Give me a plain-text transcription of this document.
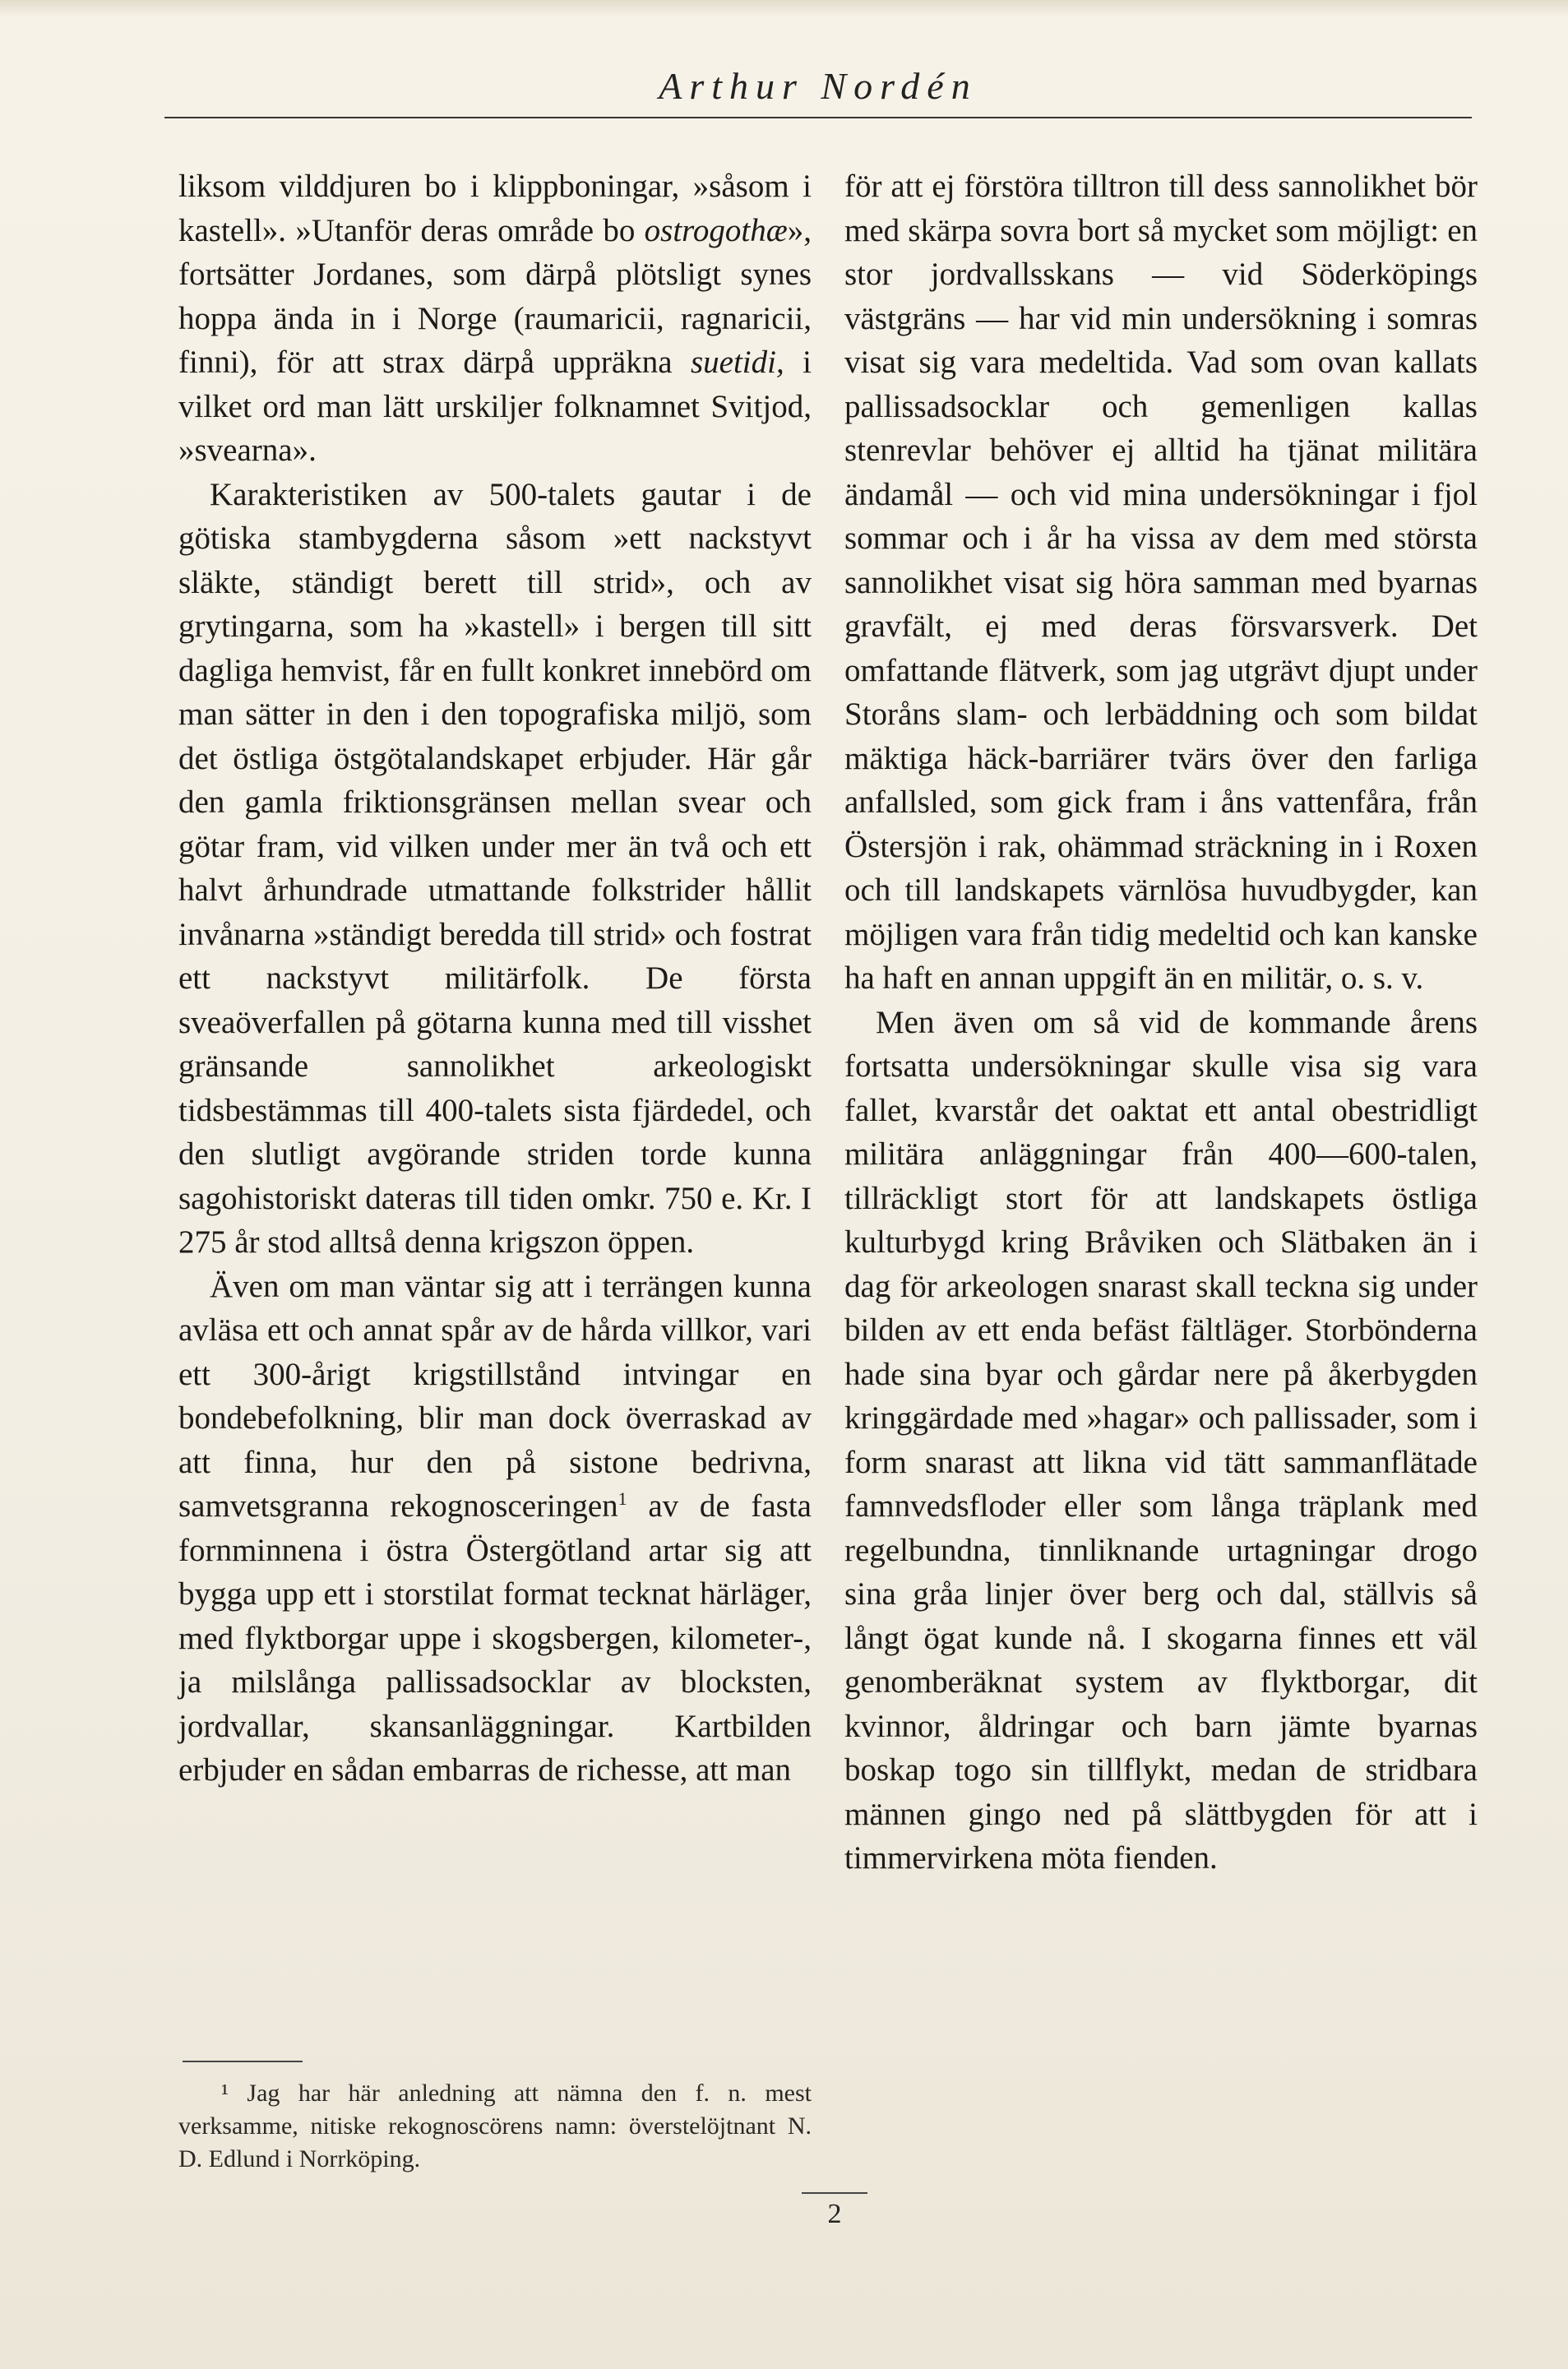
Arthur Nordén

liksom vilddjuren bo i klippboningar, »såsom i kastell». »Utanför deras område bo ostrogothæ», fortsätter Jordanes, som därpå plötsligt synes hoppa ända in i Norge (raumaricii, ragnaricii, finni), för att strax därpå uppräkna suetidi, i vilket ord man lätt urskiljer folknamnet Svitjod, »svearna».

Karakteristiken av 500-talets gautar i de götiska stambygderna såsom »ett nackstyvt släkte, ständigt berett till strid», och av grytingarna, som ha »kastell» i bergen till sitt dagliga hemvist, får en fullt konkret innebörd om man sätter in den i den topografiska miljö, som det östliga östgötalandskapet erbjuder. Här går den gamla friktionsgränsen mellan svear och götar fram, vid vilken under mer än två och ett halvt århundrade utmattande folkstrider hållit invånarna »ständigt beredda till strid» och fostrat ett nackstyvt militärfolk. De första sveaöverfallen på götarna kunna med till visshet gränsande sannolikhet arkeologiskt tidsbestämmas till 400-talets sista fjärdedel, och den slutligt avgörande striden torde kunna sagohistoriskt dateras till tiden omkr. 750 e. Kr. I 275 år stod alltså denna krigszon öppen.

Även om man väntar sig att i terrängen kunna avläsa ett och annat spår av de hårda villkor, vari ett 300-årigt krigstillstånd intvingar en bondebefolkning, blir man dock överraskad av att finna, hur den på sistone bedrivna, samvetsgranna rekognosceringen$^1$ av de fasta fornminnena i östra Östergötland artar sig att bygga upp ett i storstilat format tecknat härläger, med flyktborgar uppe i skogsbergen, kilometer-, ja milslånga pallissadsocklar av blocksten, jordvallar, skansanläggningar. Kartbilden erbjuder en sådan embarras de richesse, att man

för att ej förstöra tilltron till dess sannolikhet bör med skärpa sovra bort så mycket som möjligt: en stor jordvallsskans — vid Söderköpings västgräns — har vid min undersökning i somras visat sig vara medeltida. Vad som ovan kallats pallissadsocklar och gemenligen kallas stenrevlar behöver ej alltid ha tjänat militära ändamål — och vid mina undersökningar i fjol sommar och i år ha vissa av dem med största sannolikhet visat sig höra samman med byarnas gravfält, ej med deras försvarsverk. Det omfattande flätverk, som jag utgrävt djupt under Storåns slam- och lerbäddning och som bildat mäktiga häck-barriärer tvärs över den farliga anfallsled, som gick fram i åns vattenfåra, från Östersjön i rak, ohämmad sträckning in i Roxen och till landskapets värnlösa huvudbygder, kan möjligen vara från tidig medeltid och kan kanske ha haft en annan uppgift än en militär, o. s. v.

Men även om så vid de kommande årens fortsatta undersökningar skulle visa sig vara fallet, kvarstår det oaktat ett antal obestridligt militära anläggningar från 400—600-talen, tillräckligt stort för att landskapets östliga kulturbygd kring Bråviken och Slätbaken än i dag för arkeologen snarast skall teckna sig under bilden av ett enda befäst fältläger. Storbönderna hade sina byar och gårdar nere på åkerbygden kringgärdade med »hagar» och pallissader, som i form snarast att likna vid tätt sammanflätade famnvedsfloder eller som långa träplank med regelbundna, tinnliknande urtagningar drogo sina gråa linjer över berg och dal, ställvis så långt ögat kunde nå. I skogarna finnes ett väl genomberäknat system av flyktborgar, dit kvinnor, åldringar och barn jämte byarnas boskap togo sin tillflykt, medan de stridbara männen gingo ned på slättbygden för att i timmervirkena möta fienden.

¹ Jag har här anledning att nämna den f. n. mest verksamme, nitiske rekognoscörens namn: överstelöjtnant N. D. Edlund i Norrköping.

2
